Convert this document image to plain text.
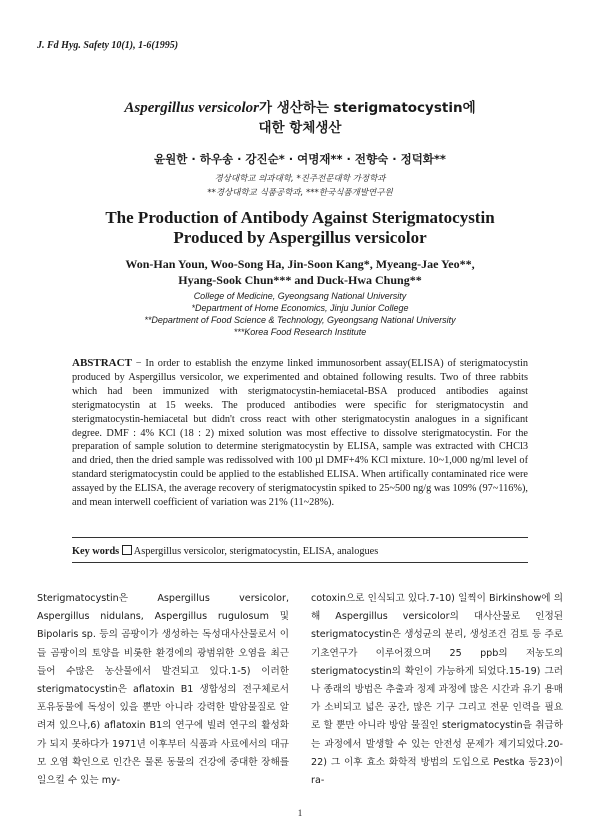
J. Fd Hyg. Safety 10(1), 1-6(1995)
Aspergillus versicolor가 생산하는 sterigmatocystin에
대한 항체생산
윤원한 · 하우송 · 강진순* · 여명재** · 전향숙 · 정덕화**
경상대학교 의과대학, *진주전문대학 가정학과
**경상대학교 식품공학과, ***한국식품개발연구원
The Production of Antibody Against Sterigmatocystin
Produced by Aspergillus versicolor
Won-Han Youn, Woo-Song Ha, Jin-Soon Kang*, Myeang-Jae Yeo**,
Hyang-Sook Chun*** and Duck-Hwa Chung**
College of Medicine, Gyeongsang National University
*Department of Home Economics, Jinju Junior College
**Department of Food Science & Technology, Gyeongsang National University
***Korea Food Research Institute
ABSTRACT − In order to establish the enzyme linked immunosorbent assay(ELISA) of sterigmatocystin produced by Aspergillus versicolor, we experimented and obtained following results. Two of three rabbits which had been immunized with sterigmatocystin-hemiacetal-BSA produced antibodies against sterigmatocystin at 15 weeks. The produced antibodies were specific for sterigmatocystin and sterigmatocystin-hemiacetal but didn't cross react with other sterigmatocystin analogues in a significant degree. DMF : 4% KCl (18 : 2) mixed solution was most effective to dissolve sterigmatocystin. For the preparation of sample solution to determine sterigmatocystin by ELISA, sample was extracted with CHCl3 and dried, then the dried sample was redissolved with 100 µl DMF+4% KCl mixture. 10~1,000 ng/ml level of standard sterigmatocystin could be applied to the established ELISA. When artifically contaminated rice were assayed by the ELISA, the average recovery of sterigmatocystin spiked to 25~500 ng/g was 109% (97~116%), and mean interwell coefficient of variation was 21% (11~28%).
Key words Aspergillus versicolor, sterigmatocystin, ELISA, analogues
Sterigmatocystin은 Aspergillus versicolor, Aspergillus nidulans, Aspergillus rugulosum 및 Bipolaris sp. 등의 곰팡이가 생성하는 독성대사산물로서 이들 곰팡이의 토양을 비롯한 환경에의 광범위한 오염을 최근들어 수많은 농산물에서 발견되고 있다.1-5) 이러한 sterigmatocystin은 aflatoxin B1 생합성의 전구체로서 포유동물에 독성이 있을 뿐만 아니라 강력한 발암물질로 알려져 있으나,6) aflatoxin B1의 연구에 빌려 연구의 활성화가 되지 못하다가 1971년 이후부터 식품과 사료에서의 대규모 오염 확인으로 인간은 물론 동물의 건강에 중대한 장해를 일으킬 수 있는 my-
cotoxin으로 인식되고 있다.7-10) 일찍이 Birkinshow에 의해 Aspergillus versicolor의 대사산물로 인정된 sterigmatocystin은 생성균의 분리, 생성조건 검토 등 주로 기초연구가 이루어졌으며 25 ppb의 저농도의 sterigmatocystin의 확인이 가능하게 되었다.15-19) 그러나 종래의 방법은 추출과 정제 과정에 많은 시간과 유기 용매가 소비되고 넓은 공간, 많은 기구 그리고 전문 인력을 필요로 할 뿐만 아니라 방암 물질인 sterigmatocystin을 취급하는 과정에서 발생할 수 있는 안전성 문제가 제기되었다.20-22) 그 이후 효소 화학적 방법의 도입으로 Pestka 등23)이 ra-
1
